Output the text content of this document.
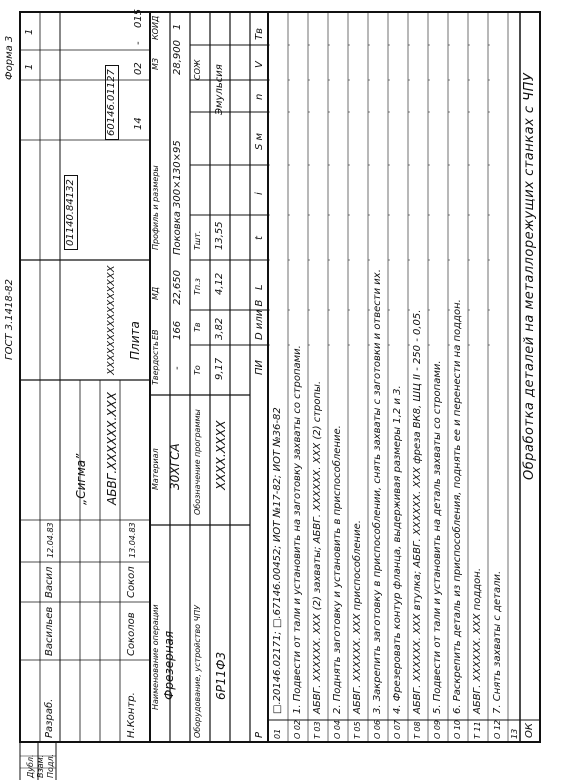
Дубл. Взам. Подл.
ГОСТ 3.1418-82
Форма 3
1
1
01140.84132
60146.01127
XXXXXXXXXXXXXXXX
АБВГ.XXXXXX.XXX
„Сигма”
Плита
14
02
-
015
Разраб.
Васильев
Васил
12.04.83
Н.Контр.
Соколов
Сокол
13.04.83
Наименование операции Фрезерная
Материал 30ХГСА
Твердость -
ЕВ 166
МД 22,650
Профиль и размеры Поковка 300×130×95
МЗ 28,900
КОИД 1
Оборудование, устройство ЧПУ 6Р11Ф3
Обозначение программы XXXX.XXXX
То 9,17
Тв 3,82
Тп.з 4,12
Тшт. 13,55
СОЖ Эмульсия
Р
ПИ
D или B
L
t
i
S м
n
V
Тв
01
□.20146.02171; □.67146.00452; ИОТ №17-82; ИОТ №36-82
О 02
1. Подвести от тали и установить на заготовку захваты со стропами.
Т 03
АБВГ. XXXXXX. XXX (2) захваты; АБВГ. XXXXXX. XXX (2) стропы.
О 04
2. Поднять заготовку и установить в приспособление.
Т 05
АБВГ. XXXXXX. XXX приспособление.
О 06
3. Закрепить заготовку в приспособлении, снять захваты с заготовки и отвести их.
О 07
4. Фрезеровать контур фланца, выдерживая размеры 1,2 и 3.
Т 08
АБВГ. XXXXXX. XXX втулка; АБВГ. XXXXXX. XXX фреза ВК8, ШЦ II - 250 - 0,05.
О 09
5. Подвести от тали и установить на деталь захваты со стропами.
О 10
6. Раскрепить деталь из приспособления, поднять ее и перенести на поддон.
Т 11
АБВГ. XXXXXX. XXX поддон.
О 12
7. Снять захваты с детали.
13 ОК
Обработка деталей на металлорежущих станках с ЧПУ
